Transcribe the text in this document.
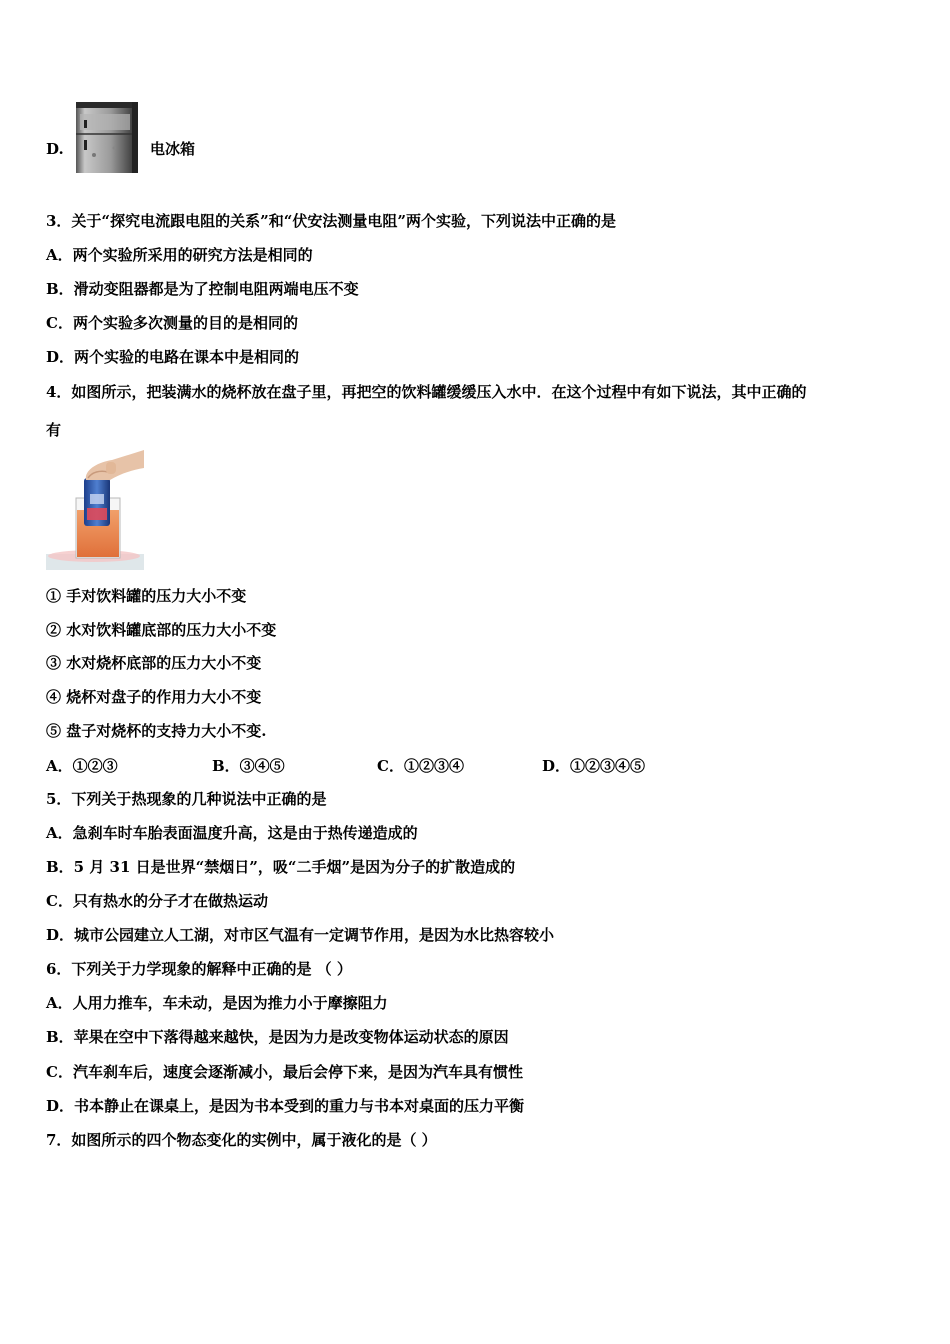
D.	电冰箱
3．关于“探究电流跟电阻的关系”和“伏安法测量电阻”两个实验，下列说法中正确的是
A．两个实验所采用的研究方法是相同的
B．滑动变阻器都是为了控制电阻两端电压不变
C．两个实验多次测量的目的是相同的
D．两个实验的电路在课本中是相同的
4．如图所示，把装满水的烧杯放在盘子里，再把空的饮料罐缓缓压入水中．在这个过程中有如下说法，其中正确的
有
① 手对饮料罐的压力大小不变
② 水对饮料罐底部的压力大小不变
③ 水对烧杯底部的压力大小不变
④ 烧杯对盘子的作用力大小不变
⑤ 盘子对烧杯的支持力大小不变.
A．①②③	B．③④⑤	C．①②③④	D．①②③④⑤
5．下列关于热现象的几种说法中正确的是
A．急刹车时车胎表面温度升高，这是由于热传递造成的
B．5 月 31 日是世界“禁烟日”，吸“二手烟”是因为分子的扩散造成的
C．只有热水的分子才在做热运动
D．城市公园建立人工湖，对市区气温有一定调节作用，是因为水比热容较小
6．下列关于力学现象的解释中正确的是 （ ）
A．人用力推车，车未动，是因为推力小于摩擦阻力
B．苹果在空中下落得越来越快，是因为力是改变物体运动状态的原因
C．汽车刹车后，速度会逐渐减小，最后会停下来，是因为汽车具有惯性
D．书本静止在课桌上，是因为书本受到的重力与书本对桌面的压力平衡
7．如图所示的四个物态变化的实例中，属于液化的是（ ）
